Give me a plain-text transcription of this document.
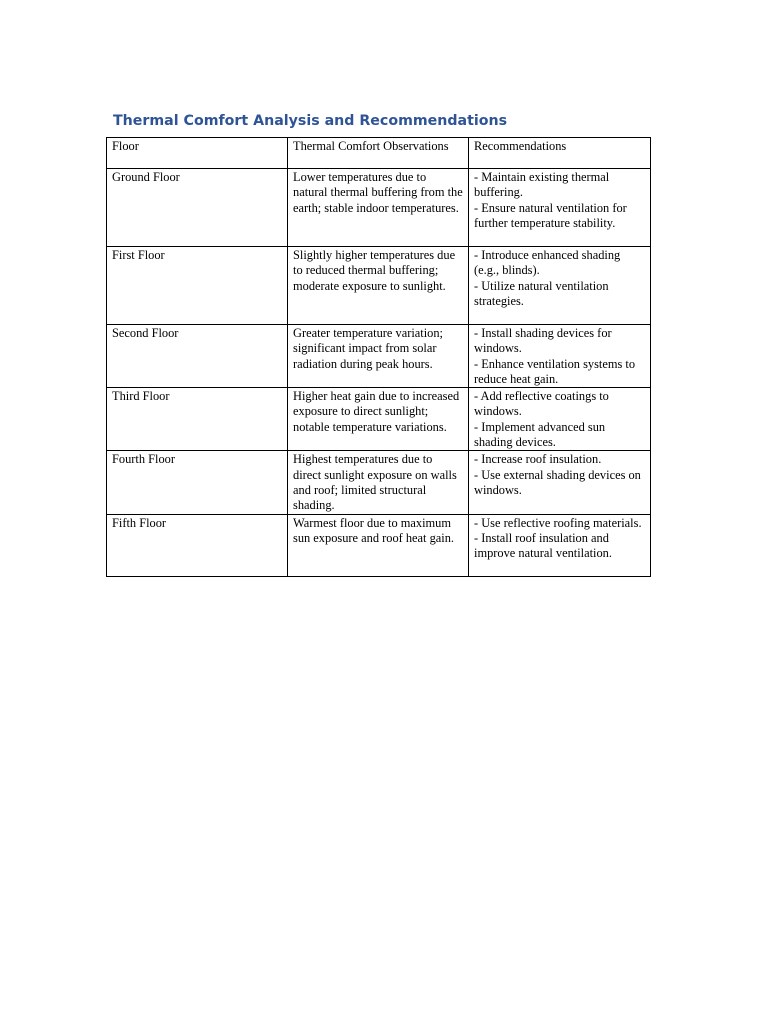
Thermal Comfort Analysis and Recommendations
Floor	Thermal Comfort Observations	Recommendations
Ground Floor	Lower temperatures due to natural thermal buffering from the earth; stable indoor temperatures.	- Maintain existing thermal buffering.
- Ensure natural ventilation for further temperature stability.

First Floor	Slightly higher temperatures due to reduced thermal buffering; moderate exposure to sunlight.	- Introduce enhanced shading (e.g., blinds).
- Utilize natural ventilation strategies.

Second Floor	Greater temperature variation; significant impact from solar radiation during peak hours.	- Install shading devices for windows.
- Enhance ventilation systems to reduce heat gain.

Third Floor	Higher heat gain due to increased exposure to direct sunlight; notable temperature variations.	- Add reflective coatings to windows.
- Implement advanced sun shading devices.

Fourth Floor	Highest temperatures due to direct sunlight exposure on walls and roof; limited structural shading.	- Increase roof insulation.
- Use external shading devices on windows.

Fifth Floor	Warmest floor due to maximum sun exposure and roof heat gain.	- Use reflective roofing materials.
- Install roof insulation and improve natural ventilation.
